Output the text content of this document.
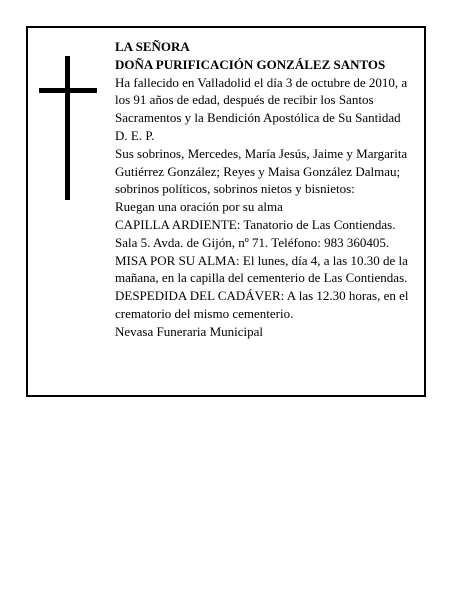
LA SEÑORA

DOÑA PURIFICACIÓN GONZÁLEZ SANTOS

Ha fallecido en Valladolid el día 3 de octubre de 2010, a los 91 años de edad, después de recibir los Santos Sacramentos y la Bendición Apostólica de Su Santidad

D. E. P.

Sus sobrinos, Mercedes, María Jesús, Jaime y Margarita Gutiérrez González; Reyes y Maisa González Dalmau; sobrinos políticos, sobrinos nietos y bisnietos:

Ruegan una oración por su alma

CAPILLA ARDIENTE: Tanatorio de Las Contiendas. Sala 5. Avda. de Gijón, nº 71. Teléfono: 983 360405.

MISA POR SU ALMA: El lunes, día 4, a las 10.30 de la mañana, en la capilla del cementerio de Las Contiendas.

DESPEDIDA DEL CADÁVER: A las 12.30 horas, en el crematorio del mismo cementerio.

Nevasa Funeraria Municipal
